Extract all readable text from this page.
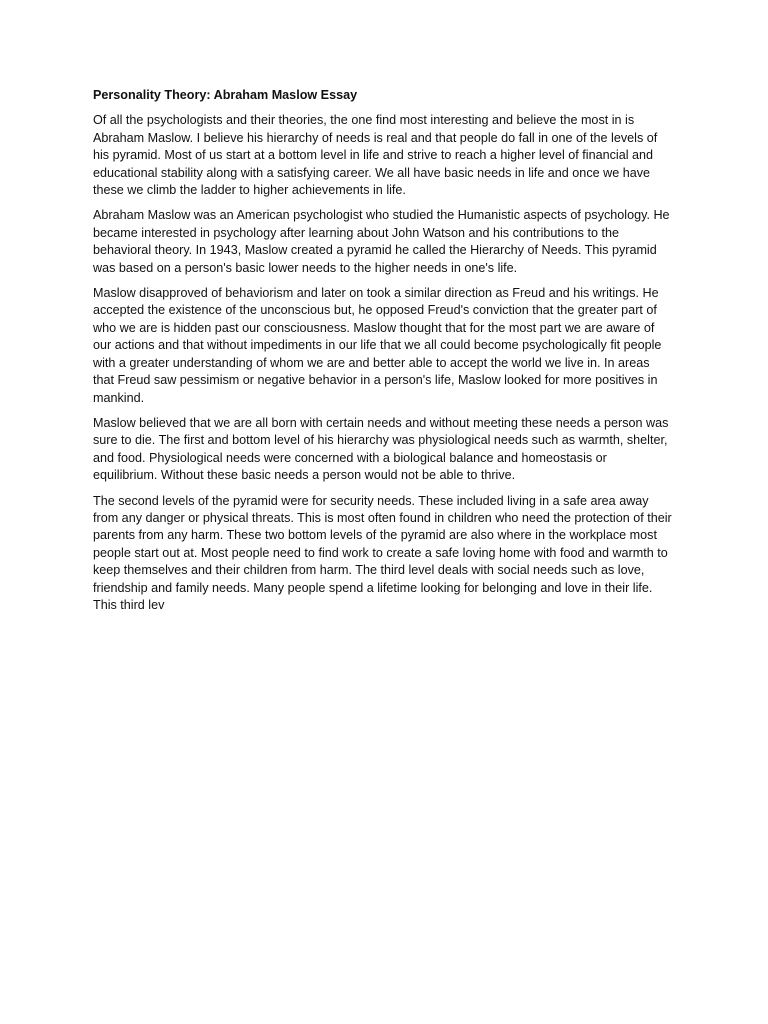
Personality Theory: Abraham Maslow Essay

Of all the psychologists and their theories, the one find most interesting and believe the most in is Abraham Maslow. I believe his hierarchy of needs is real and that people do fall in one of the levels of his pyramid. Most of us start at a bottom level in life and strive to reach a higher level of financial and educational stability along with a satisfying career. We all have basic needs in life and once we have these we climb the ladder to higher achievements in life.

Abraham Maslow was an American psychologist who studied the Humanistic aspects of psychology. He became interested in psychology after learning about John Watson and his contributions to the behavioral theory. In 1943, Maslow created a pyramid he called the Hierarchy of Needs. This pyramid was based on a person's basic lower needs to the higher needs in one's life.

Maslow disapproved of behaviorism and later on took a similar direction as Freud and his writings. He accepted the existence of the unconscious but, he opposed Freud's conviction that the greater part of who we are is hidden past our consciousness. Maslow thought that for the most part we are aware of our actions and that without impediments in our life that we all could become psychologically fit people with a greater understanding of whom we are and better able to accept the world we live in. In areas that Freud saw pessimism or negative behavior in a person's life, Maslow looked for more positives in mankind.

Maslow believed that we are all born with certain needs and without meeting these needs a person was sure to die. The first and bottom level of his hierarchy was physiological needs such as warmth, shelter, and food. Physiological needs were concerned with a biological balance and homeostasis or equilibrium. Without these basic needs a person would not be able to thrive.

The second levels of the pyramid were for security needs. These included living in a safe area away from any danger or physical threats. This is most often found in children who need the protection of their parents from any harm. These two bottom levels of the pyramid are also where in the workplace most people start out at. Most people need to find work to create a safe loving home with food and warmth to keep themselves and their children from harm. The third level deals with social needs such as love, friendship and family needs. Many people spend a lifetime looking for belonging and love in their life. This third lev
